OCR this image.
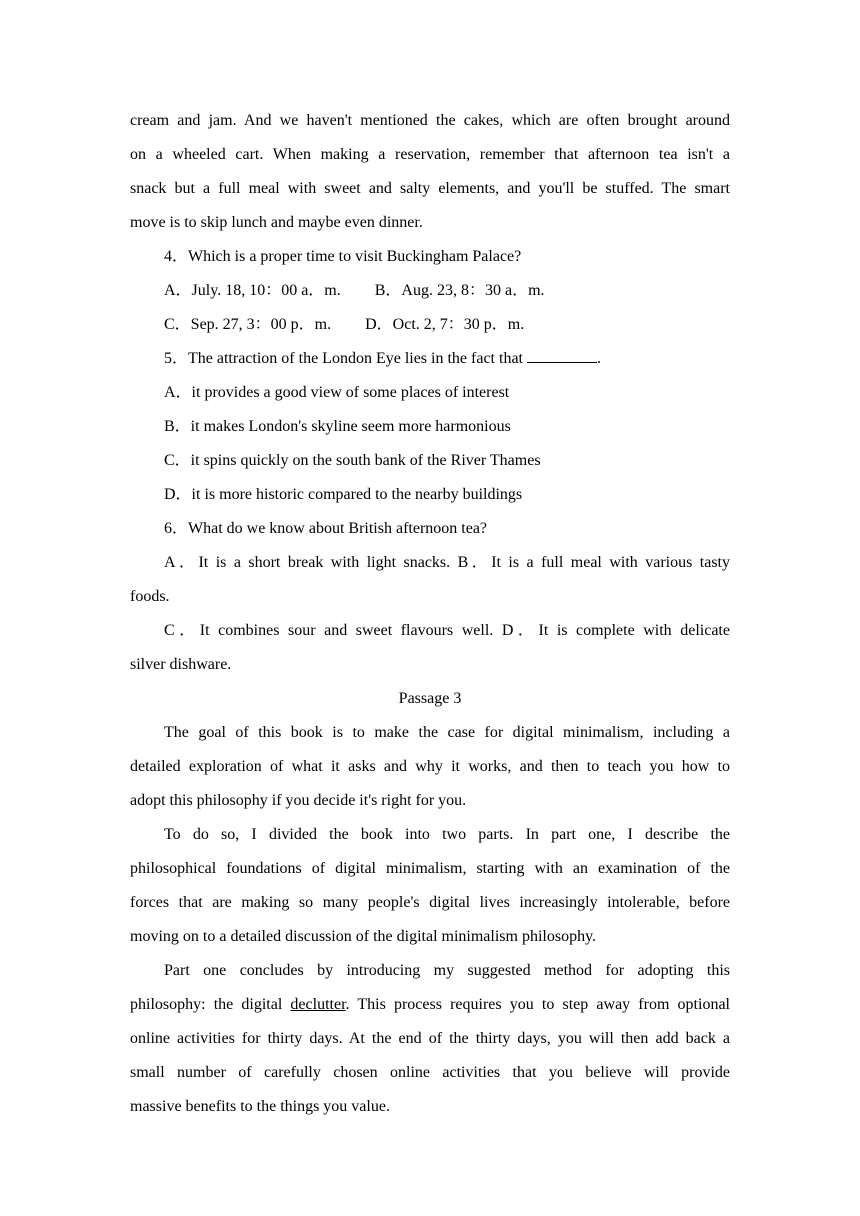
cream and jam. And we haven't mentioned the cakes, which are often brought around
on a wheeled cart. When making a reservation, remember that afternoon tea isn't a
snack but a full meal with sweet and salty elements, and you'll be stuffed. The smart
move is to skip lunch and maybe even dinner.
4．Which is a proper time to visit Buckingham Palace?
A．July. 18, 10：00 a．m. B．Aug. 23, 8：30 a．m.
C．Sep. 27, 3：00 p．m. D．Oct. 2, 7：30 p．m.
5．The attraction of the London Eye lies in the fact that	.
A．it provides a good view of some places of interest
B．it makes London's skyline seem more harmonious
C．it spins quickly on the south bank of the River Thames
D．it is more historic compared to the nearby buildings
6．What do we know about British afternoon tea?
A．It is a short break with light snacks. B．It is a full meal with various tasty
foods.
C．It combines sour and sweet flavours well. D．It is complete with delicate
silver dishware.
Passage 3
The goal of this book is to make the case for digital minimalism, including a
detailed exploration of what it asks and why it works, and then to teach you how to
adopt this philosophy if you decide it's right for you.
To do so, I divided the book into two parts. In part one, I describe the
philosophical foundations of digital minimalism, starting with an examination of the
forces that are making so many people's digital lives increasingly intolerable, before
moving on to a detailed discussion of the digital minimalism philosophy.
Part one concludes by introducing my suggested method for adopting this
philosophy: the digital declutter. This process requires you to step away from optional
online activities for thirty days. At the end of the thirty days, you will then add back a
small number of carefully chosen online activities that you believe will provide
massive benefits to the things you value.
